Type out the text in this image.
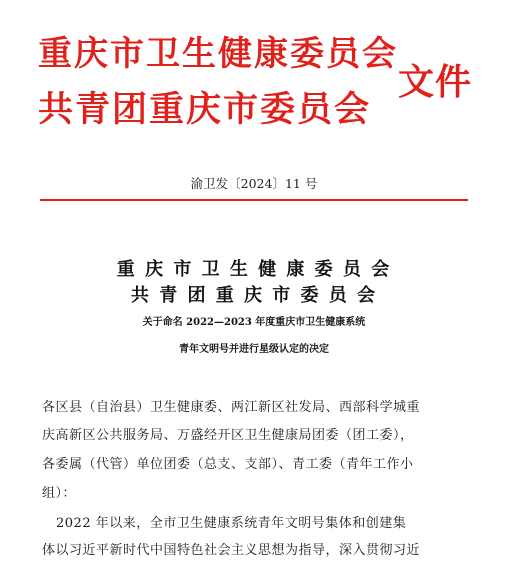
重庆市卫生健康委员会
共青团重庆市委员会
文件
渝卫发〔2024〕11 号
重 庆 市 卫 生 健 康 委 员 会
共 青 团 重 庆 市 委 员 会
关于命名 2022—2023 年度重庆市卫生健康系统
青年文明号并进行星级认定的决定
各区县（自治县）卫生健康委、两江新区社发局、西部科学城重
庆高新区公共服务局、万盛经开区卫生健康局团委（团工委），
各委属（代管）单位团委（总支、支部）、青工委（青年工作小
组）：
2022 年以来，全市卫生健康系统青年文明号集体和创建集
体以习近平新时代中国特色社会主义思想为指导，深入贯彻习近
